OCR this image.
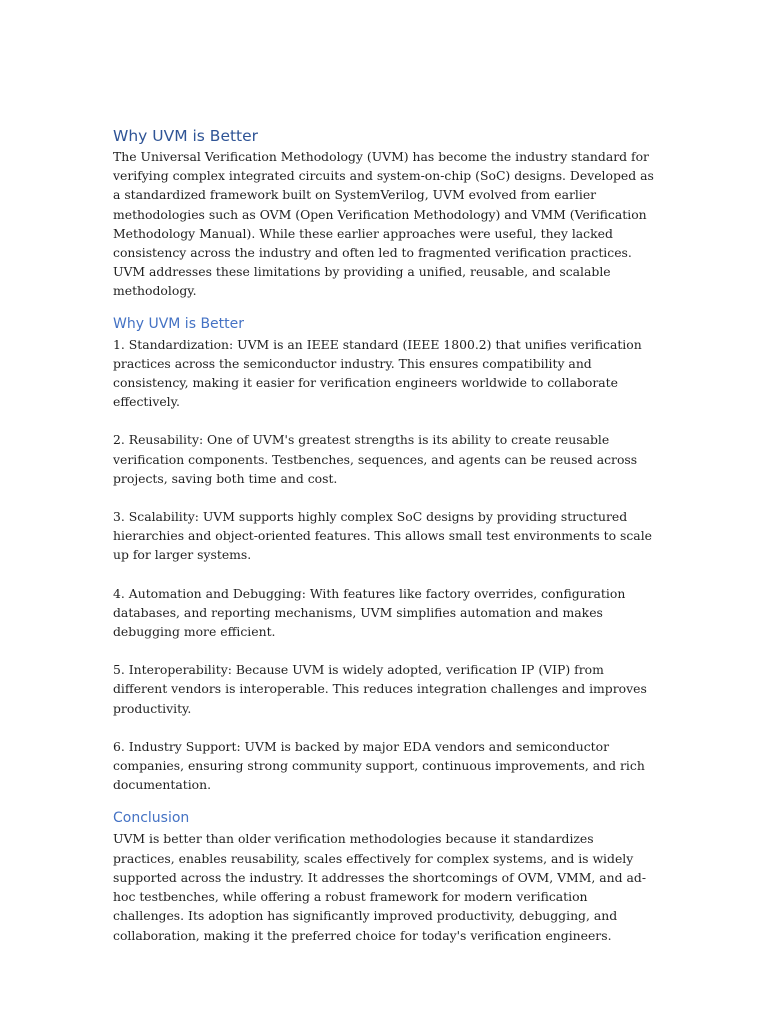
Why UVM is Better

The Universal Verification Methodology (UVM) has become the industry standard for verifying complex integrated circuits and system-on-chip (SoC) designs. Developed as a standardized framework built on SystemVerilog, UVM evolved from earlier methodologies such as OVM (Open Verification Methodology) and VMM (Verification Methodology Manual). While these earlier approaches were useful, they lacked consistency across the industry and often led to fragmented verification practices. UVM addresses these limitations by providing a unified, reusable, and scalable methodology.

Why UVM is Better

1. Standardization: UVM is an IEEE standard (IEEE 1800.2) that unifies verification practices across the semiconductor industry. This ensures compatibility and consistency, making it easier for verification engineers worldwide to collaborate effectively.

2. Reusability: One of UVM's greatest strengths is its ability to create reusable verification components. Testbenches, sequences, and agents can be reused across projects, saving both time and cost.

3. Scalability: UVM supports highly complex SoC designs by providing structured hierarchies and object-oriented features. This allows small test environments to scale up for larger systems.

4. Automation and Debugging: With features like factory overrides, configuration databases, and reporting mechanisms, UVM simplifies automation and makes debugging more efficient.

5. Interoperability: Because UVM is widely adopted, verification IP (VIP) from different vendors is interoperable. This reduces integration challenges and improves productivity.

6. Industry Support: UVM is backed by major EDA vendors and semiconductor companies, ensuring strong community support, continuous improvements, and rich documentation.

Conclusion

UVM is better than older verification methodologies because it standardizes practices, enables reusability, scales effectively for complex systems, and is widely supported across the industry. It addresses the shortcomings of OVM, VMM, and ad-hoc testbenches, while offering a robust framework for modern verification challenges. Its adoption has significantly improved productivity, debugging, and collaboration, making it the preferred choice for today's verification engineers.
